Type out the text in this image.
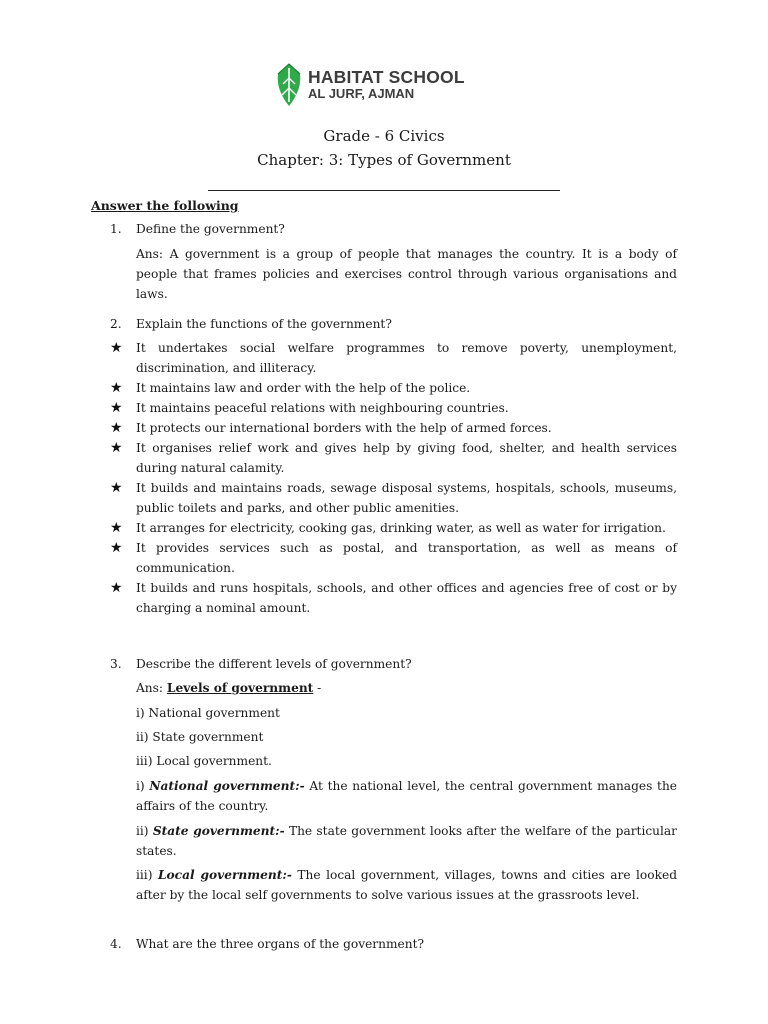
HABITAT SCHOOL
AL JURF, AJMAN
Grade - 6 Civics
Chapter: 3: Types of Government
Answer the following
1. Define the government?
Ans: A government is a group of people that manages the country. It is a body of people that frames policies and exercises control through various organisations and laws.
2. Explain the functions of the government?
★ It undertakes social welfare programmes to remove poverty, unemployment, discrimination, and illiteracy.
★ It maintains law and order with the help of the police.
★ It maintains peaceful relations with neighbouring countries.
★ It protects our international borders with the help of armed forces.
★ It organises relief work and gives help by giving food, shelter, and health services during natural calamity.
★ It builds and maintains roads, sewage disposal systems, hospitals, schools, museums, public toilets and parks, and other public amenities.
★ It arranges for electricity, cooking gas, drinking water, as well as water for irrigation.
★ It provides services such as postal, and transportation, as well as means of communication.
★ It builds and runs hospitals, schools, and other offices and agencies free of cost or by charging a nominal amount.
3. Describe the different levels of government?
Ans: Levels of government -
i) National government
ii) State government
iii) Local government.
i) National government:- At the national level, the central government manages the affairs of the country.
ii) State government:- The state government looks after the welfare of the particular states.
iii) Local government:- The local government, villages, towns and cities are looked after by the local self governments to solve various issues at the grassroots level.
4. What are the three organs of the government?
